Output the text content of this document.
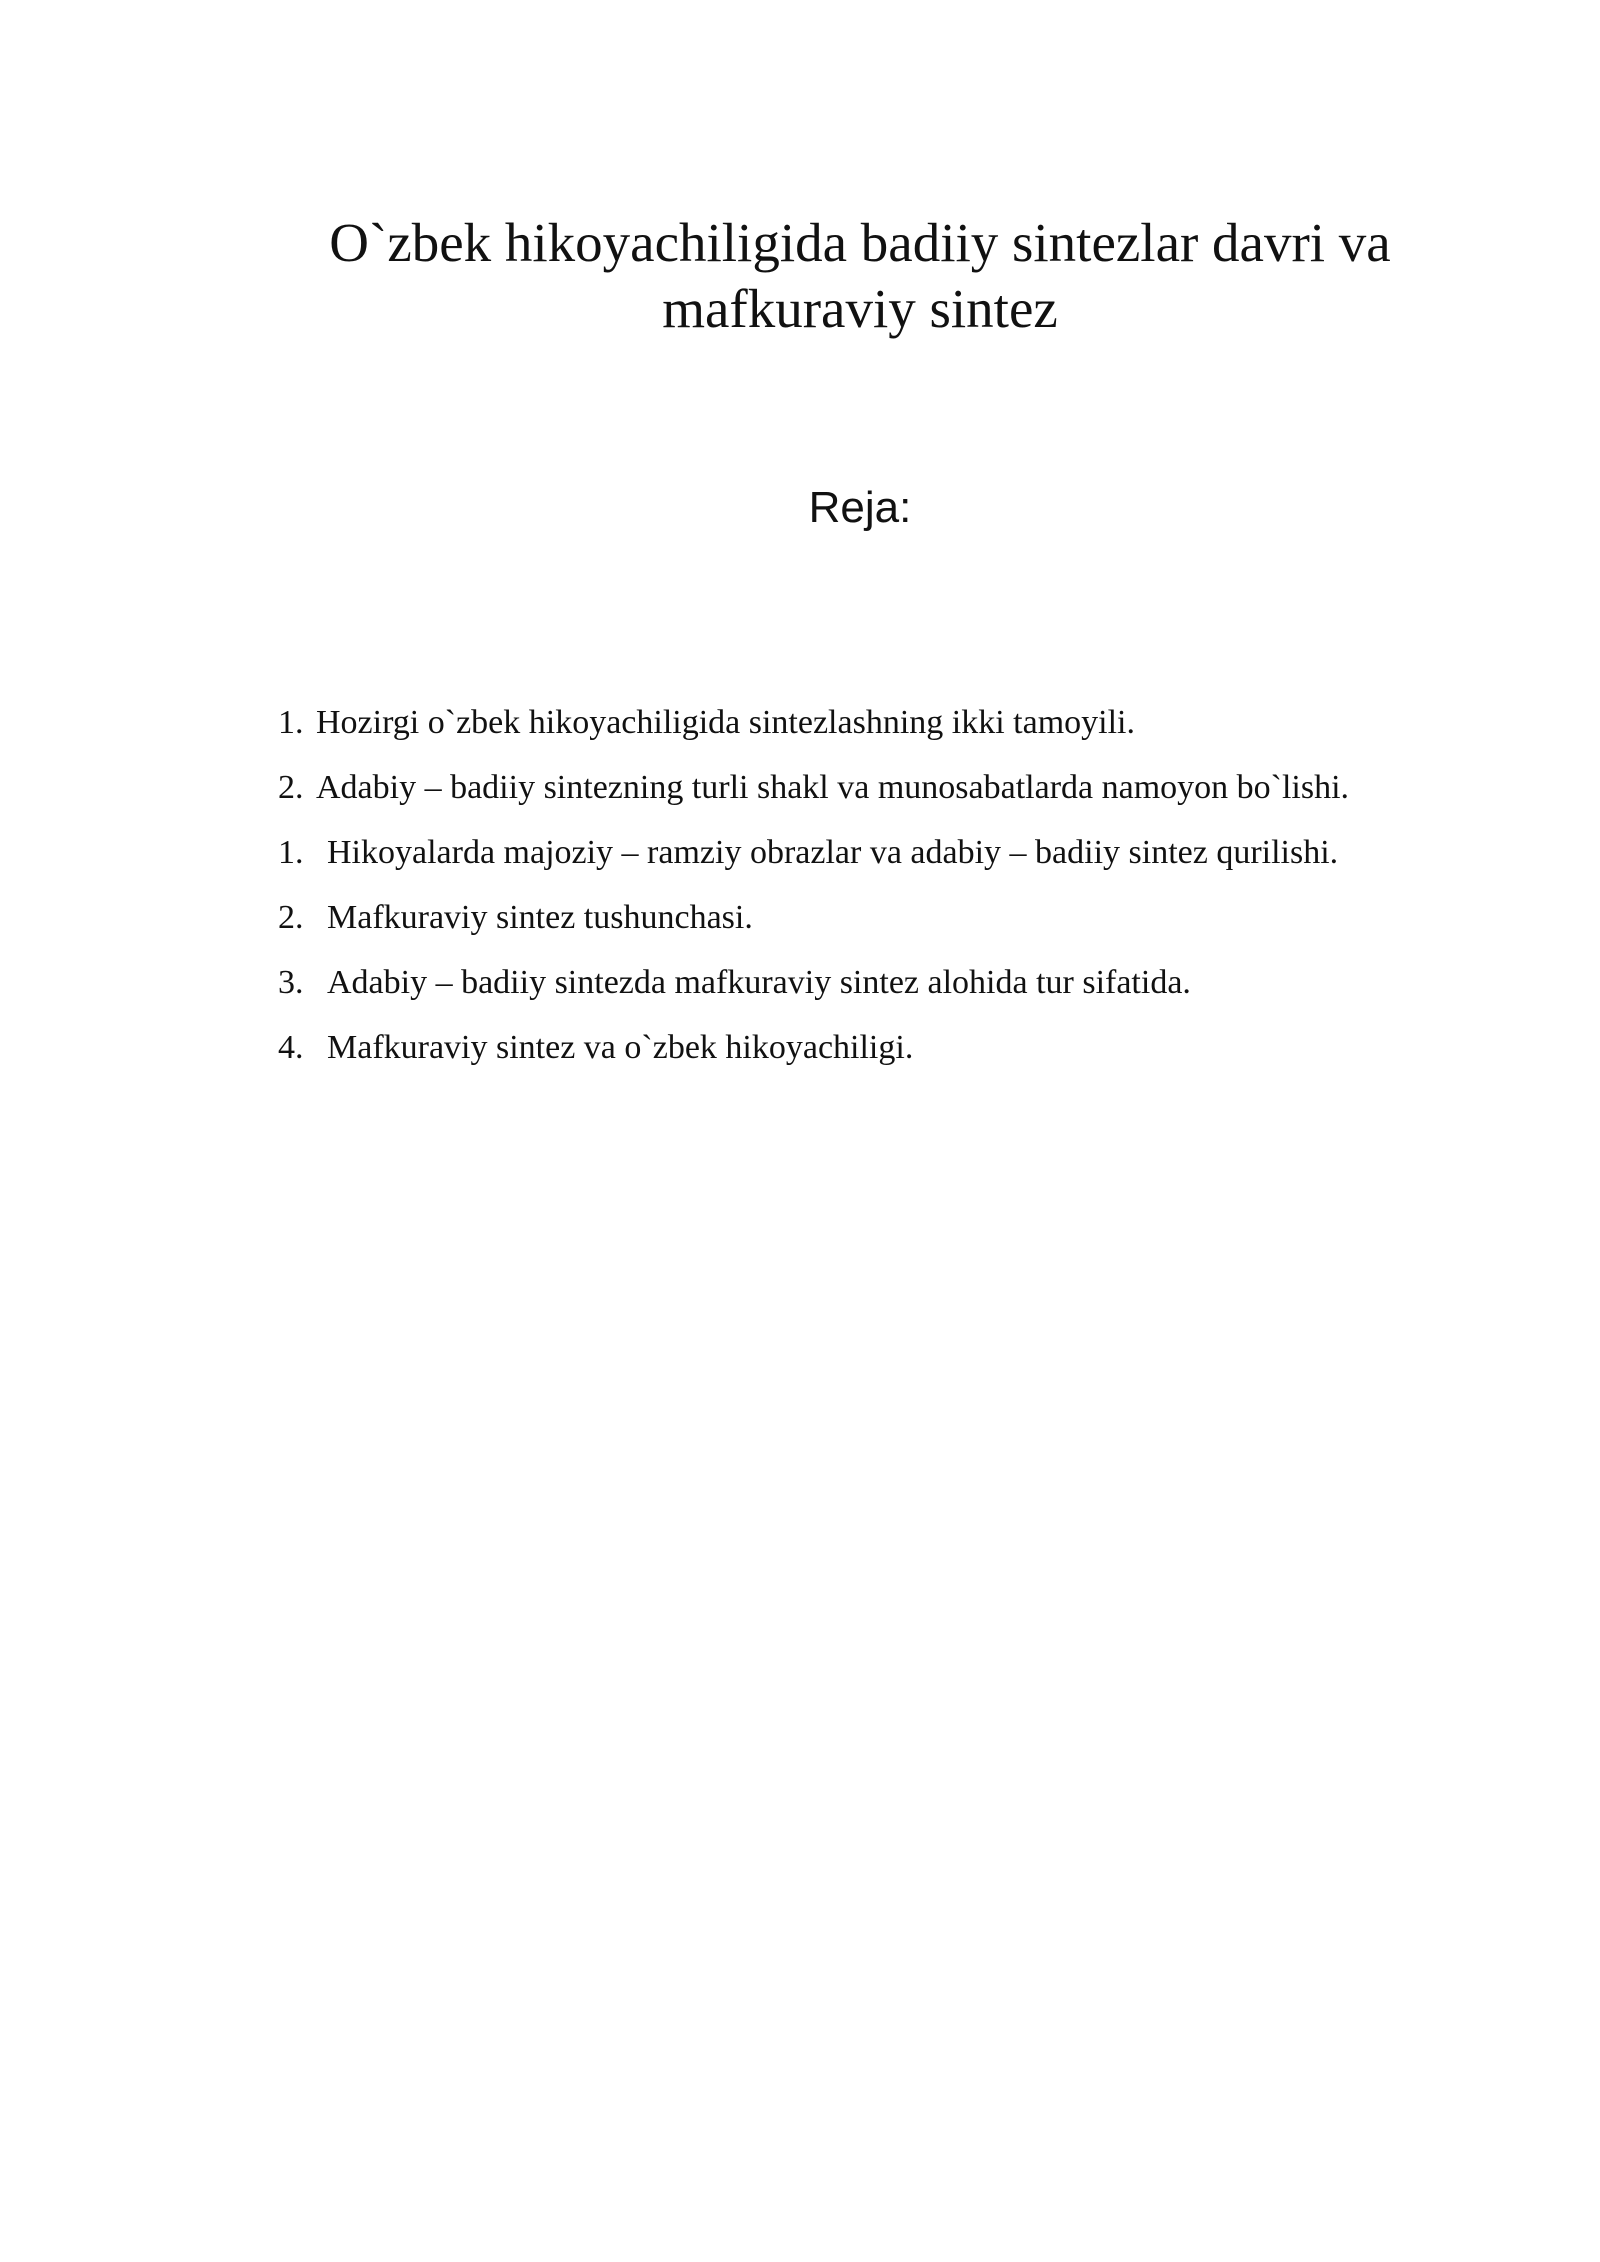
O`zbek hikoyachiligida badiiy sintezlar davri va
mafkuraviy sintez
Reja:
1. Hozirgi o`zbek hikoyachiligida sintezlashning ikki tamoyili.
2. Adabiy – badiiy sintezning turli shakl va munosabatlarda namoyon bo`lishi.
1. Hikoyalarda majoziy – ramziy obrazlar va adabiy – badiiy sintez qurilishi.
2. Mafkuraviy sintez tushunchasi.
3. Adabiy – badiiy sintezda mafkuraviy sintez alohida tur sifatida.
4. Mafkuraviy sintez va o`zbek hikoyachiligi.
